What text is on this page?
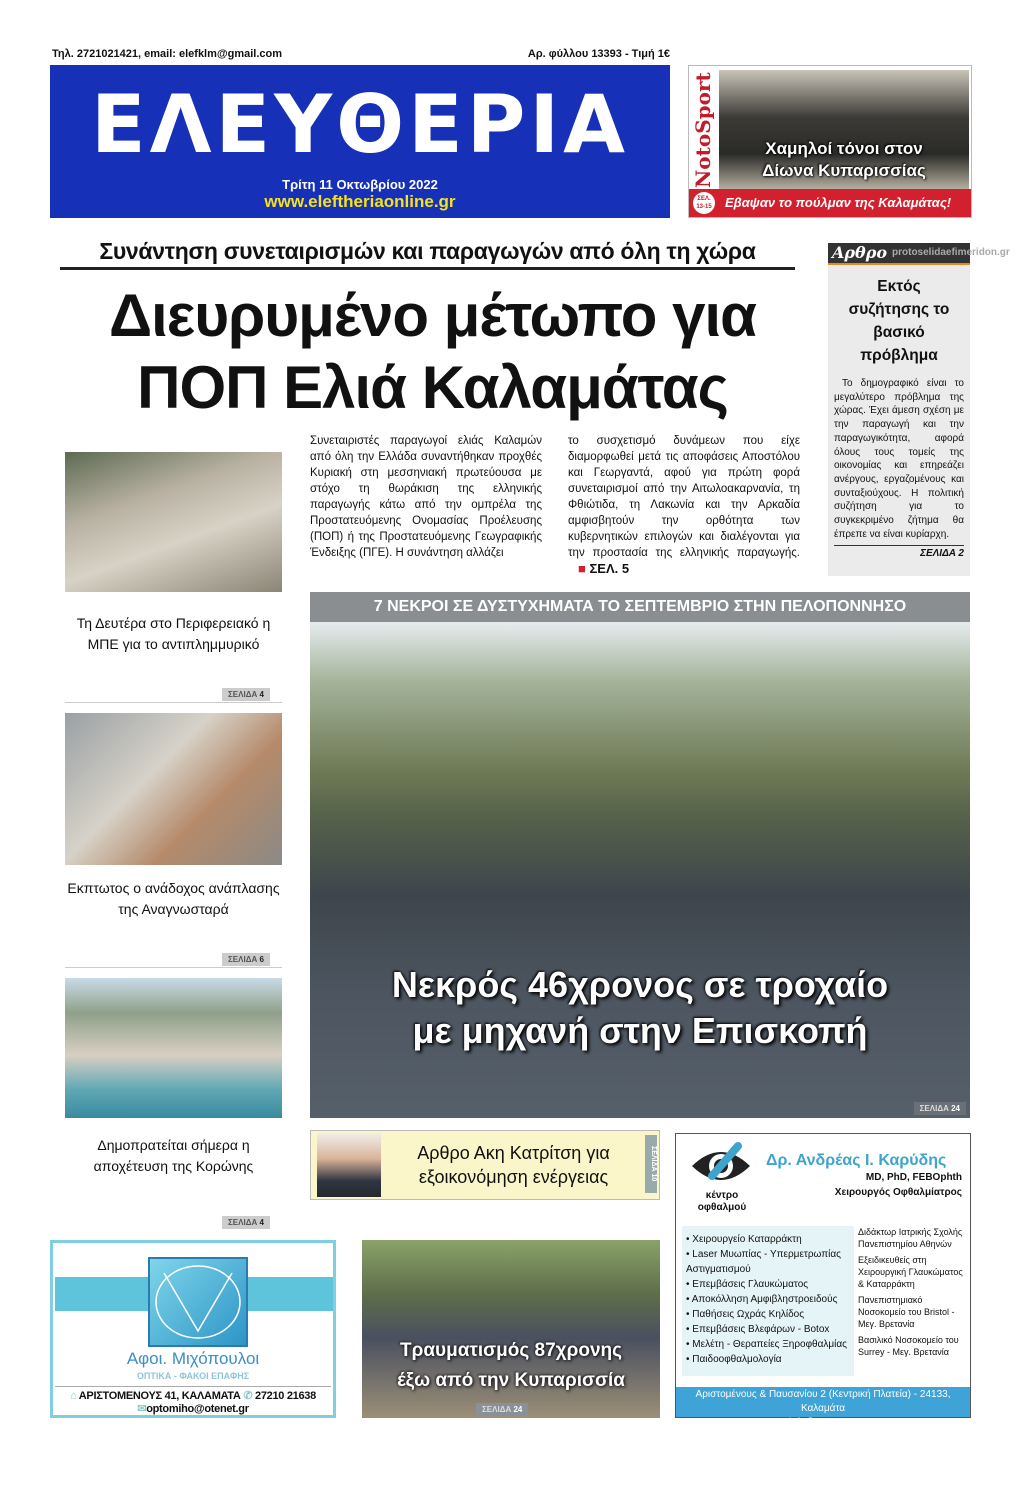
Τηλ. 2721021421, email: elefklm@gmail.com	Αρ. φύλλου 13393 - Τιμή 1€
ΕΛΕΥΘΕΡΙΑ
Τρίτη 11 Οκτωβρίου 2022
www.eleftheriaonline.gr
NotoSport	Χαμηλοί τόνοι στον
Δίωνα Κυπαρισσίας
Εβαψαν το πούλμαν της Καλαμάτας!
ΣΕΛ. 13-15
Συνάντηση συνεταιρισμών και παραγωγών από όλη τη χώρα
Διευρυμένο μέτωπο για
ΠΟΠ Ελιά Καλαμάτας
Αρθρο protoselidaefimeridon.gr
Εκτός συζήτησης το βασικό πρόβλημα

Το δημογραφικό είναι το μεγαλύτερο πρόβλημα της χώρας. Έχει άμεση σχέση με την παραγωγή και την παραγωγικότητα, αφορά όλους τους τομείς της οικονομίας και επηρεάζει ανέργους, εργαζομένους και συνταξιούχους. Η πολιτική συζήτηση για το συγκεκριμένο ζήτημα θα έπρεπε να είναι κυρίαρχη.

ΣΕΛΙΔΑ 2
Συνεταιριστές παραγωγοί ελιάς Καλαμών από όλη την Ελλάδα συναντήθηκαν προχθές Κυριακή στη μεσσηνιακή πρωτεύουσα με στόχο τη θωράκιση της ελληνικής παραγωγής κάτω από την ομπρέλα της Προστατευόμενης Ονομασίας Προέλευσης (ΠΟΠ) ή της Προστατευόμενης Γεωγραφικής Ένδειξης (ΠΓΕ). Η συνάντηση αλλάζει
το συσχετισμό δυνάμεων που είχε διαμορφωθεί μετά τις αποφάσεις Αποστόλου και Γεωργαντά, αφού για πρώτη φορά συνεταιρισμοί από την Αιτωλοακαρνανία, τη Φθιώτιδα, τη Λακωνία και την Αρκαδία αμφισβητούν την ορθότητα των κυβερνητικών επιλογών και διαλέγονται για την προστασία της ελληνικής παραγωγής. ■ ΣΕΛ. 5
Τη Δευτέρα στο Περιφερειακό η ΜΠΕ για το αντιπλημμυρικό
ΣΕΛΙΔΑ 4
Εκπτωτος ο ανάδοχος ανάπλασης της Αναγνωσταρά
ΣΕΛΙΔΑ 6
Δημοπρατείται σήμερα η αποχέτευση της Κορώνης
ΣΕΛΙΔΑ 4
7 ΝΕΚΡΟΙ ΣΕ ΔΥΣΤΥΧΗΜΑΤΑ ΤΟ ΣΕΠΤΕΜΒΡΙΟ ΣΤΗΝ ΠΕΛΟΠΟΝΝΗΣΟ
Νεκρός 46χρονος σε τροχαίο
με μηχανή στην Επισκοπή
ΣΕΛΙΔΑ 24
Αρθρο Ακη Κατρίτση για εξοικονόμηση ενέργειας	ΣΕΛΙΔΑ 10
κέντρο
οφθαλμού
Δρ. Ανδρέας Ι. Καρύδης
MD, PhD, FEBOphth
Χειρουργός Οφθαλμίατρος
• Χειρουργείο Καταρράκτη
• Laser Μυωπίας - Υπερμετρωπίας Αστιγματισμού
• Επεμβάσεις Γλαυκώματος
• Αποκόλληση Αμφιβληστροειδούς
• Παθήσεις Ωχράς Κηλίδος
• Επεμβάσεις Βλεφάρων - Botox
• Μελέτη - Θεραπείες Ξηροφθαλμίας
• Παιδοοφθαλμολογία
Διδάκτωρ Ιατρικής Σχολής Πανεπιστημίου Αθηνών
Εξειδικευθείς στη Χειρουργική Γλαυκώματος & Καταρράκτη
Πανεπιστημιακό Νοσοκομείο του Bristol - Μεγ. Βρετανία
Βασιλικό Νοσοκομείο του Surrey - Μεγ. Βρετανία
Αριστομένους & Παυσανίου 2 (Κεντρική Πλατεία) - 24133, Καλαμάτα
τ: +30 27210 22007 - e: info@eye-center.gr - www.eye-center.gr
Αφοι. Μιχόπουλοι
ΟΠΤΙΚΑ - ΦΑΚΟΙ ΕΠΑΦΗΣ
⌂ ΑΡΙΣΤΟΜΕΝΟΥΣ 41, ΚΑΛΑΜΑΤΑ ✆ 27210 21638
✉optomiho@otenet.gr
Τραυματισμός 87χρονης
έξω από την Κυπαρισσία
ΣΕΛΙΔΑ 24
